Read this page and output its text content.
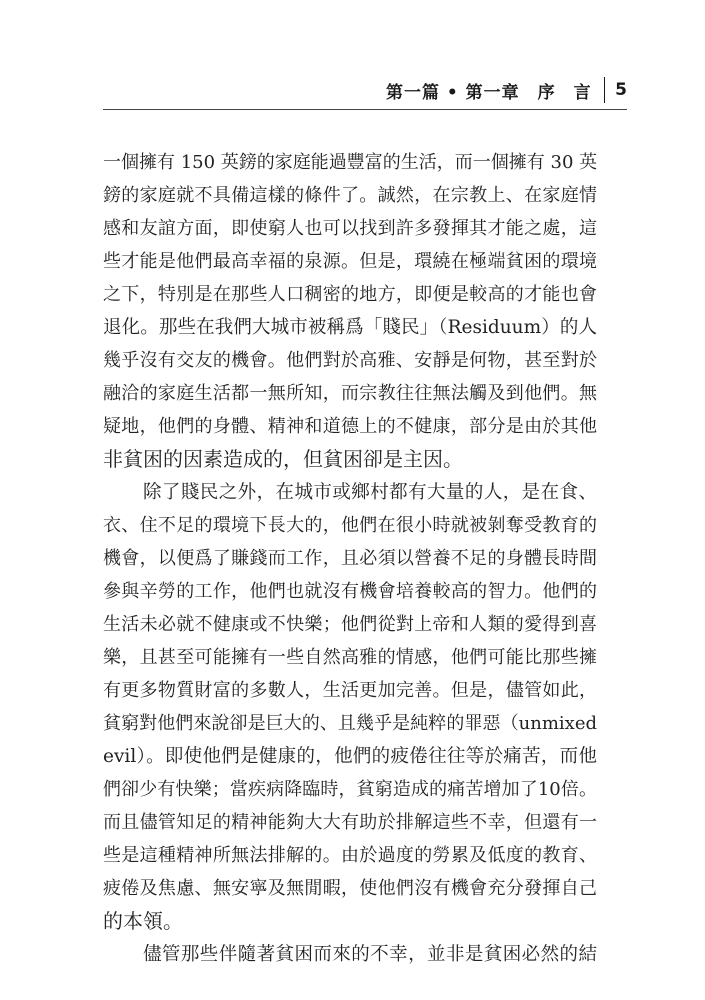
第一篇 • 第一章　序　言 5
一個擁有 150 英鎊的家庭能過豐富的生活，而一個擁有 30 英
鎊的家庭就不具備這樣的條件了。誠然，在宗教上、在家庭情
感和友誼方面，即使窮人也可以找到許多發揮其才能之處，這
些才能是他們最高幸福的泉源。但是，環繞在極端貧困的環境
之下，特別是在那些人口稠密的地方，即便是較高的才能也會
退化。那些在我們大城市被稱爲「賤民」（Residuum）的人
幾乎沒有交友的機會。他們對於高雅、安靜是何物，甚至對於
融洽的家庭生活都一無所知，而宗教往往無法觸及到他們。無
疑地，他們的身體、精神和道德上的不健康，部分是由於其他
非貧困的因素造成的，但貧困卻是主因。
除了賤民之外，在城市或鄉村都有大量的人，是在食、
衣、住不足的環境下長大的，他們在很小時就被剝奪受教育的
機會，以便爲了賺錢而工作，且必須以營養不足的身體長時間
參與辛勞的工作，他們也就沒有機會培養較高的智力。他們的
生活未必就不健康或不快樂；他們從對上帝和人類的愛得到喜
樂，且甚至可能擁有一些自然高雅的情感，他們可能比那些擁
有更多物質財富的多數人，生活更加完善。但是，儘管如此，
貧窮對他們來說卻是巨大的、且幾乎是純粹的罪惡（unmixed
evil）。即使他們是健康的，他們的疲倦往往等於痛苦，而他
們卻少有快樂；當疾病降臨時，貧窮造成的痛苦增加了10倍。
而且儘管知足的精神能夠大大有助於排解這些不幸，但還有一
些是這種精神所無法排解的。由於過度的勞累及低度的教育、
疲倦及焦慮、無安寧及無閒暇，使他們沒有機會充分發揮自己
的本領。
儘管那些伴隨著貧困而來的不幸，並非是貧困必然的結
